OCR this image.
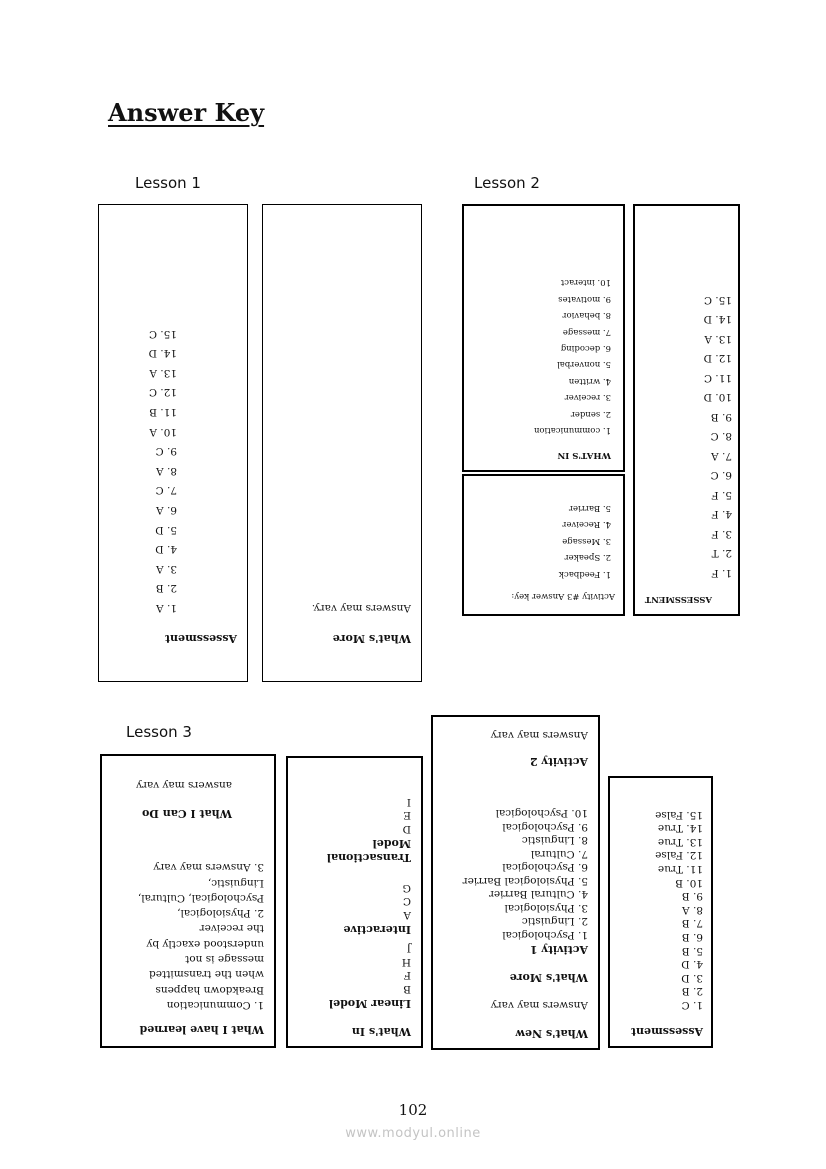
Answer Key
Lesson 1
Assessment
1. A
2. B
3. A
4. D
5. D
6. A
7. C
8. A
9. C
10. A
11. B
12. C
13. A
14. D
15. C
What's More
Answers may vary.
Lesson 2
WHAT'S IN
1. communication
2. sender
3. receiver
4. written
5. nonverbal
6. decoding
7. message
8. behavior
9. motivates
10. interact
Activity #3 Answer key:
1. Feedback
2. Speaker
3. Message
4. Receiver
5. Barrier
ASSESSMENT
1. F
2. T
3. F
4. F
5. F
6. C
7. A
8. C
9. B
10. D
11. C
12. D
13. A
14. D
15. C
Lesson 3
What I have learned
1. Communication
Breakdown happens
when the transmitted
message is not
understood exactly by
the receiver
2. Physiological,
Psychological, Cultural,
Linguistic,
3. Answers may vary
What I Can Do
answers may vary
What's In
Linear Model
B
F
H
J
Interactive
A
C
G
Transactional
Model
D
E
I
What's New
Answers may vary
What's More
Activity 1
1. Psychological
2. Linguistic
3. Physiological
4. Cultural Barrier
5. Physiological Barrier
6. Psychological
7. Cultural
8. Linguistic
9. Psychological
10. Psychological
Activity 2
Answers may vary
Assessment
1. C
2. B
3. D
4. D
5. B
6. B
7. B
8. A
9. B
10. B
11. True
12. False
13. True
14. True
15. False
102
www.modyul.online
